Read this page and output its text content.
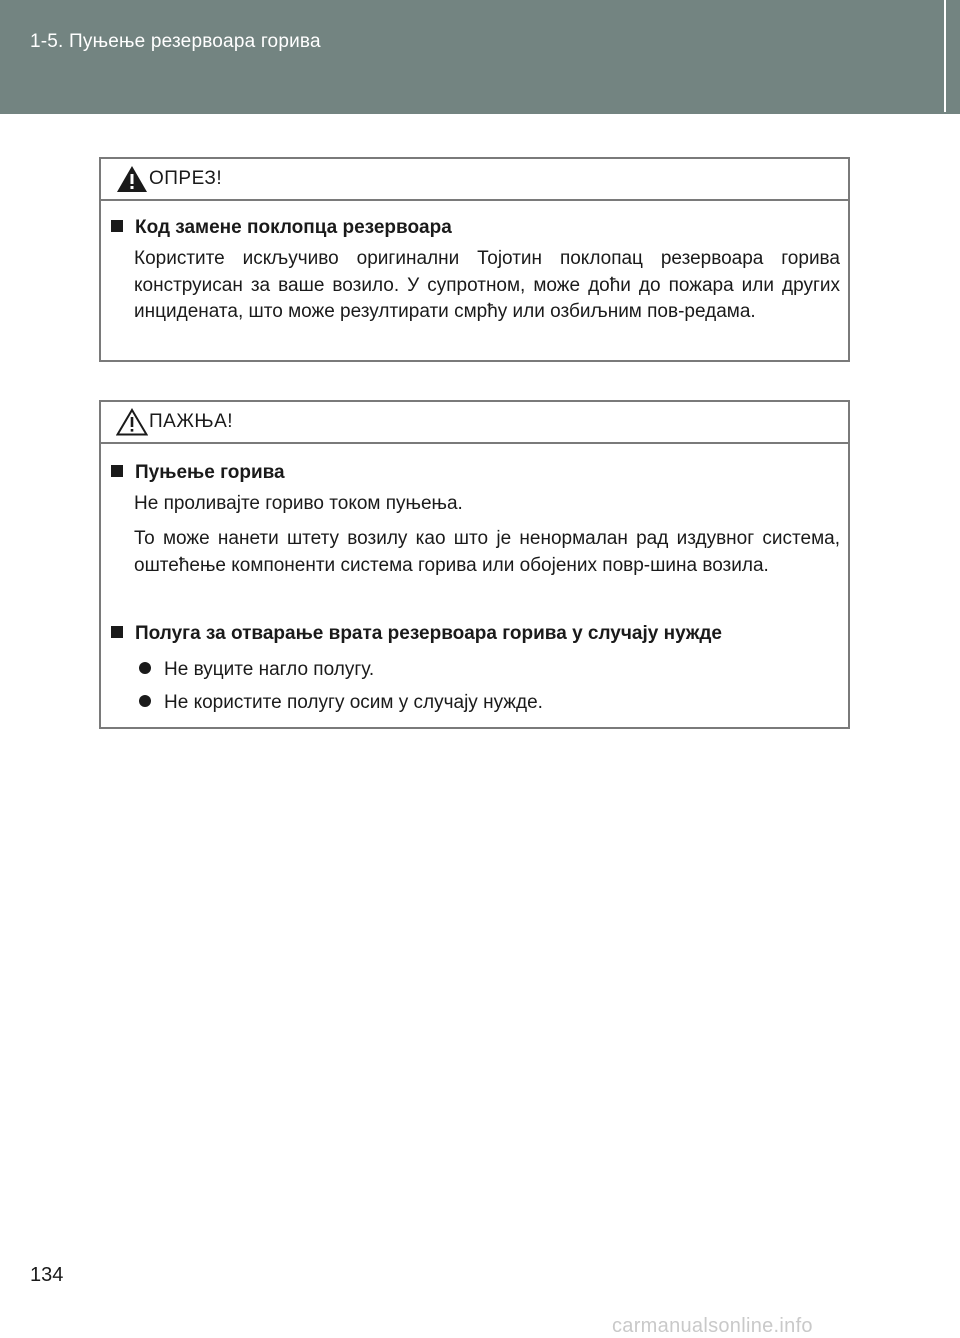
1-5. Пуњење резервоара горива
ОПРЕЗ!
Код замене поклопца резервоара
Користите искључиво оригинални Тојотин поклопац резервоара горива конструисан за ваше возило. У супротном, може доћи до пожара или других инцидената, што може резултирати смрћу или озбиљним пов-редама.
ПАЖЊА!
Пуњење горива
Не проливајте гориво током пуњења.
То може нанети штету возилу као што је ненормалан рад издувног система, оштећење компоненти система горива или обојених повр-шина возила.
Полуга за отварање врата резервоара горива у случају нужде
Не вуците нагло полугу.
Не користите полугу осим у случају нужде.
134
carmanualsonline.info
